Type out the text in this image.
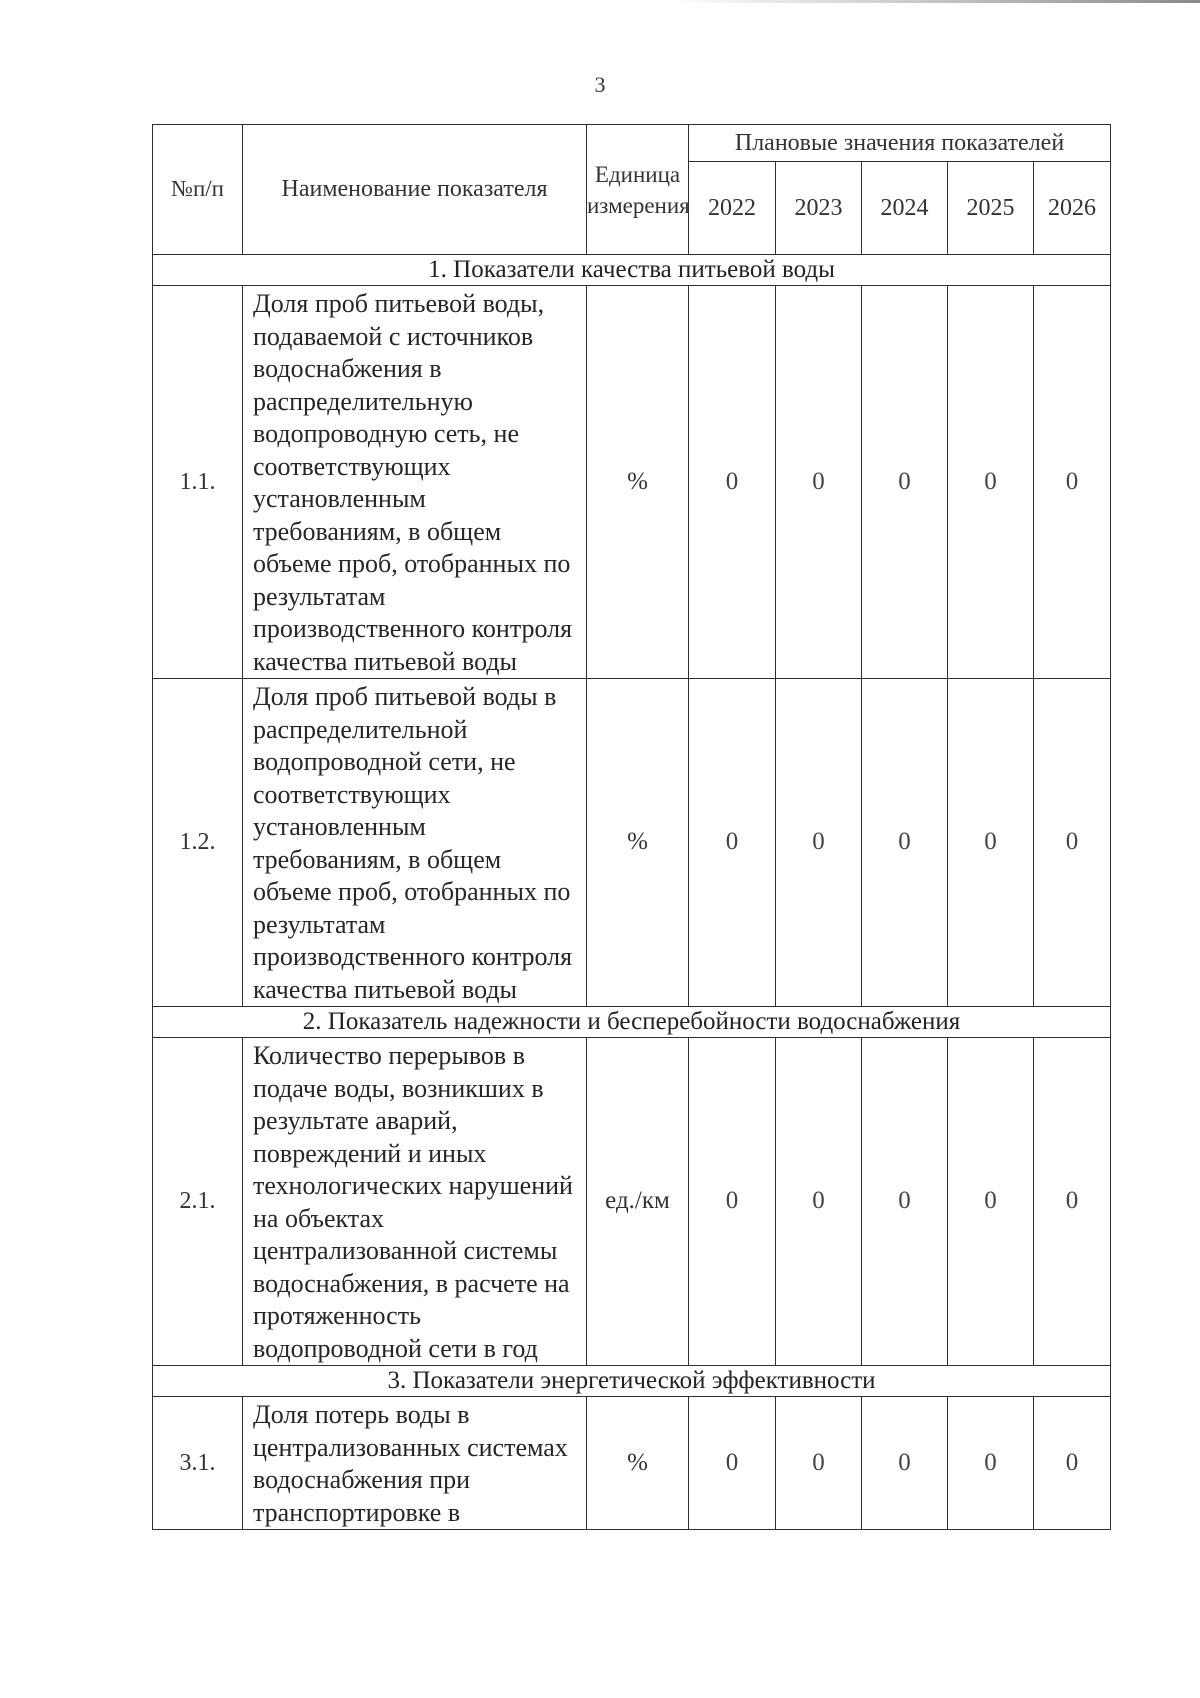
3
№п/п	Наименование показателя	Единица измерения	Плановые значения показателей				
			2022	2023	2024	2025	2026
1. Показатели качества питьевой воды							
1.1.	Доля проб питьевой воды, подаваемой с источников водоснабжения в распределительную водопроводную сеть, не соответствующих установленным требованиям, в общем объеме проб, отобранных по результатам производственного контроля качества питьевой воды	%	0	0	0	0	0
1.2.	Доля проб питьевой воды в распределительной водопроводной сети, не соответствующих установленным требованиям, в общем объеме проб, отобранных по результатам производственного контроля качества питьевой воды	%	0	0	0	0	0
2. Показатель надежности и бесперебойности водоснабжения							
2.1.	Количество перерывов в подаче воды, возникших в результате аварий, повреждений и иных технологических нарушений на объектах централизованной системы водоснабжения, в расчете на протяженность водопроводной сети в год	ед./км	0	0	0	0	0
3. Показатели энергетической эффективности							
3.1.	Доля потерь воды в централизованных системах водоснабжения при транспортировке в	%	0	0	0	0	0
